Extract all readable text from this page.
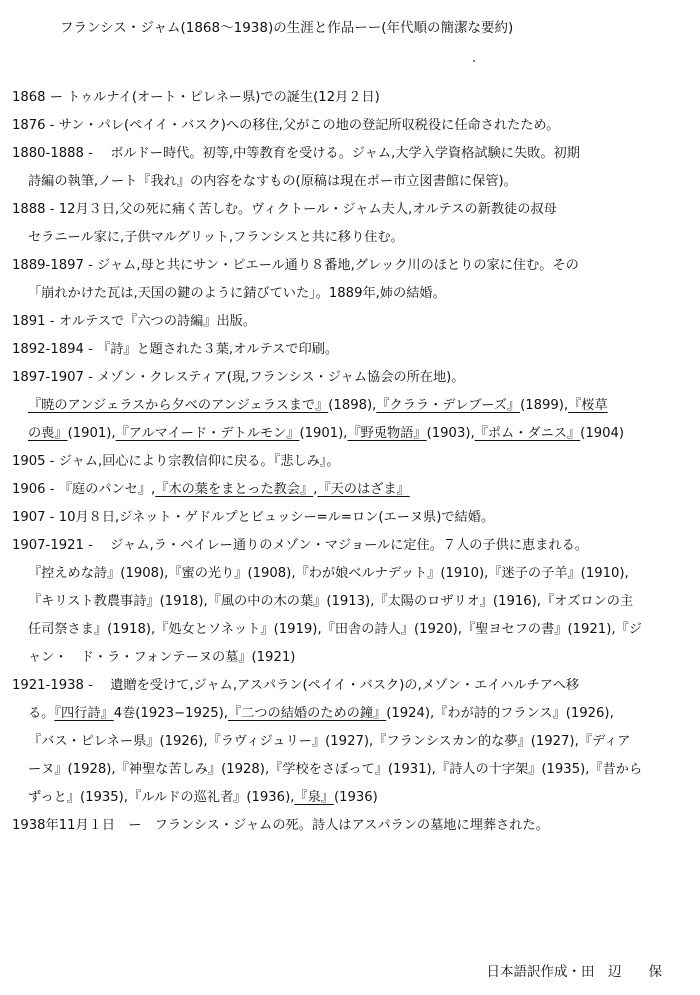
フランシス・ジャム(1868〜1938)の生涯と作品ーー(年代順の簡潔な要約)
1868 ー トゥルナイ(オート・ピレネー県)での誕生(12月２日)
1876 - サン・パレ(ペイイ・バスク)への移住,父がこの地の登記所収税役に任命されたため。
1880-1888 - 　ボルドー時代。初等,中等教育を受ける。ジャム,大学入学資格試験に失敗。初期
詩編の執筆,ノート『我れ』の内容をなすもの(原稿は現在ポー市立図書館に保管)。
1888 - 12月３日,父の死に痛く苦しむ。ヴィクトール・ジャム夫人,オルテスの新教徒の叔母
セラニール家に,子供マルグリット,フランシスと共に移り住む。
1889-1897 - ジャム,母と共にサン・ピエール通り８番地,グレック川のほとりの家に住む。その
「崩れかけた瓦は,天国の鍵のように錆びていた」。1889年,姉の結婚。
1891 - オルテスで『六つの詩編』出版。
1892-1894 - 『詩』と題された３葉,オルテスで印刷。
1897-1907 - メゾン・クレスティア(現,フランシス・ジャム協会の所在地)。
『暁のアンジェラスから夕べのアンジェラスまで』(1898),『クララ・デレブーズ』(1899),『桜草
の喪』(1901),『アルマイード・デトルモン』(1901),『野兎物語』(1903),『ポム・ダニス』(1904)
1905 - ジャム,回心により宗教信仰に戻る。『悲しみ』。
1906 - 『庭のパンセ』,『木の葉をまとった教会』,『天のはざま』
1907 - 10月８日,ジネット・ゲドルプとビュッシー=ル=ロン(エーヌ県)で結婚。
1907-1921 - 　ジャム,ラ・ベイレー通りのメゾン・マジョールに定住。７人の子供に恵まれる。
『控えめな詩』(1908),『蜜の光り』(1908),『わが娘ベルナデット』(1910),『迷子の子羊』(1910),
『キリスト教農事詩』(1918),『風の中の木の葉』(1913),『太陽のロザリオ』(1916),『オズロンの主
任司祭さま』(1918),『処女とソネット』(1919),『田舎の詩人』(1920),『聖ヨセフの書』(1921),『ジ
ャン・　ド・ラ・フォンテーヌの墓』(1921)
1921-1938 - 　遺贈を受けて,ジャム,アスパラン(ペイイ・バスク)の,メゾン・エイハルチアへ移
る。『四行詩』4巻(1923−1925),『二つの結婚のための鐘』(1924),『わが詩的フランス』(1926),
『バス・ピレネー県』(1926),『ラヴィジュリー』(1927),『フランシスカン的な夢』(1927),『ディア
ーヌ』(1928),『神聖な苦しみ』(1928),『学校をさぼって』(1931),『詩人の十字架』(1935),『昔から
ずっと』(1935),『ルルドの巡礼者』(1936),『泉』(1936)
1938年11月１日　ー　フランシス・ジャムの死。詩人はアスパランの墓地に埋葬された。
日本語訳作成・田　辺　　保
